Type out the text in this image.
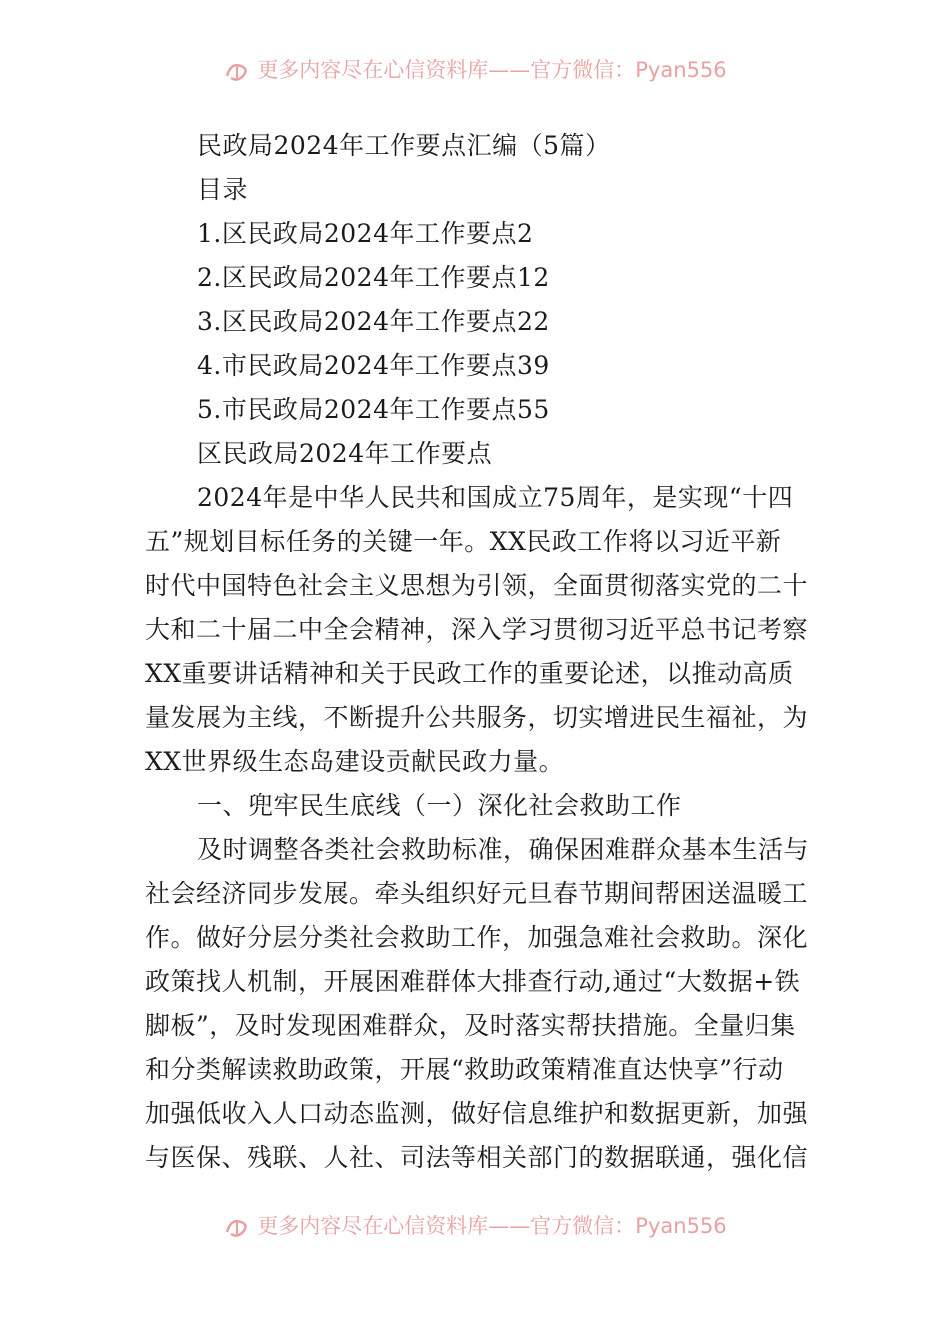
更多内容尽在心信资料库——官方微信：Pyan556
民政局2024年工作要点汇编（5篇）
目录
1.区民政局2024年工作要点2
2.区民政局2024年工作要点12
3.区民政局2024年工作要点22
4.市民政局2024年工作要点39
5.市民政局2024年工作要点55
区民政局2024年工作要点
2024年是中华人民共和国成立75周年，是实现“十四
五”规划目标任务的关键一年。XX民政工作将以习近平新
时代中国特色社会主义思想为引领，全面贯彻落实党的二十
大和二十届二中全会精神，深入学习贯彻习近平总书记考察
XX重要讲话精神和关于民政工作的重要论述，以推动高质
量发展为主线，不断提升公共服务，切实增进民生福祉，为
XX世界级生态岛建设贡献民政力量。
一、兜牢民生底线（一）深化社会救助工作
及时调整各类社会救助标准，确保困难群众基本生活与
社会经济同步发展。牵头组织好元旦春节期间帮困送温暖工
作。做好分层分类社会救助工作，加强急难社会救助。深化
政策找人机制，开展困难群体大排查行动,通过“大数据+铁
脚板”，及时发现困难群众，及时落实帮扶措施。全量归集
和分类解读救助政策，开展“救助政策精准直达快享”行动
加强低收入人口动态监测，做好信息维护和数据更新，加强
与医保、残联、人社、司法等相关部门的数据联通，强化信
更多内容尽在心信资料库——官方微信：Pyan556
